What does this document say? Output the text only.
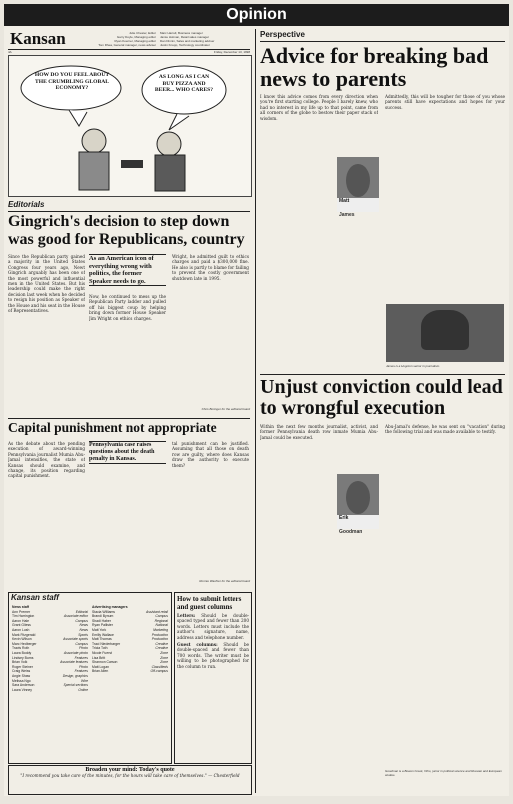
Opinion
Kansan	Julie Chester, Editor
Garry Doyle, Managing editor
Ryan Koerner, Managing editor
Tom Rhea, General manager, news adviser
Marc Harrell, Business manager
Jamie Holman, Retail sales manager
Dan Dinnin, Sales and marketing adviser
Justin Knupp, Technology coordinator
4A	Friday, December 13, 1998
HOW DO YOU FEEL ABOUT THE CRUMBLING GLOBAL ECONOMY?
AS LONG AS I CAN BUY PIZZA AND BEER... WHO CARES?
Editorials
Gingrich's decision to step down was good for Republicans, country
Since the Republican party gained a majority in the United States Congress four years ago, Newt Gingrich arguably has been one of the most powerful and influential men in the United States. But his leadership could make the right decision last week when he decided to resign his position as Speaker of the House and his seat in the House of Representatives.
As an American icon of everything wrong with politics, the former Speaker needs to go.
Now, he continued to mess up the Republican Party ladder and pulled off his biggest coup by helping bring down former House Speaker Jim Wright on ethics charges.
Wright, he admitted guilt to ethics charges and paid a $300,000 fine. He also is partly to blame for failing to prevent the costly government shutdown late in 1995.
Chris Boringer for the editorial board
Capital punishment not appropriate
As the debate about the pending execution of award-winning Pennsylvania journalist Mumia Abu-Jamal intensifies, the state of Kansas should examine, and change, its position regarding capital punishment.
Pennsylvania case raises questions about the death penalty in Kansas.
tal punishment can be justified. Assuming that all those on death row are guilty, where does Kansas draw the authority to execute them?
Ronnie Wachter for the editorial board
Kansan staff
News staff
Ann Premer	Editorial
Tim Harrington	Associate editor
Aaron Hale	Campus
Grant Gliess	News
Aaron Lush	News
Mark Fitzgerald	Sports
Kevin Wilson	Associate sports
Marc Hedberger	Campus
Travis Roth	Photo
Laura Boddy	Associate photo
Lindsey Burns	Features
Brian Volk	Associate features
Roger Steiner	Photo
Craig Weiss	Features
Angie Shaw	Design, graphics
Melissa Ngo	Wire
Sara Anderson	Special sections
Laura Vinney	Online
Advertising managers
Stacia Williams	Assistant retail
Brandi Bynum	Campus
Shadi Haber	Regional
Ryan Pallister	National
Matt York	Marketing
Emilly Wallace	Production
Matt Thomas	Production
Traci Niederbarger	Creative
Tricia Toth	Creative
Nicole Fuerst	Zone
Lisa Britt	Zone
Shannon Carson	Zone
Matt Logan	Classifieds
Brian Allen	Off-campus
How to submit letters and guest columns
Letters: Should be double-spaced typed and fewer than 200 words. Letters must include the author's signature, name, address and telephone number.
Guest columns: Should be double-spaced and fewer than 700 words. The writer must be willing to be photographed for the column to run.
Broaden your mind: Today's quote
"I recommend you take care of the minutes, for the hours will take care of themselves." — Chesterfield
Perspective
Advice for breaking bad news to parents
I know this advice comes from every direction when you're first starting college. People I barely knew, who had no interest in my life up to that point, came from all corners of the globe to bestow their paper stack of wisdom.
Matt
James
Admittedly, this will be tougher for those of you whose parents still have expectations and hopes for your success.
James is a Hugoton senior in journalism.
Unjust conviction could lead to wrongful execution
Within the next few months journalist, activist, and former Pennsylvania death row inmate Mumia Abu-Jamal could be executed.
Erik
Goodman
Abu-Jamal's defense, he was sent on "vacation" during the following trial and was made available to testify.
Goodman is a Bowen Creek, Ohio, junior in political science and Russian and European studies.
